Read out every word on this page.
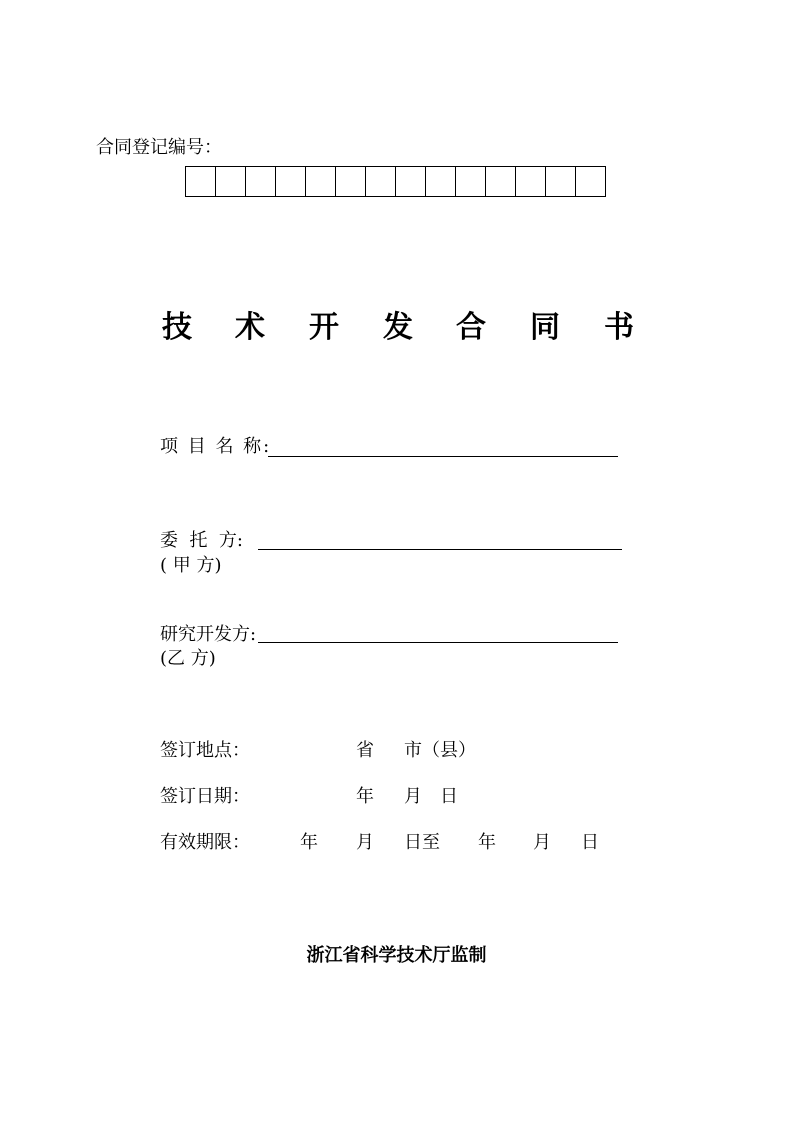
合同登记编号：
技 术 开 发 合 同 书
项 目 名 称:
委  托  方:
( 甲 方)
研究开发方:
(乙 方)
签订地点：	省 市（县）
签订日期：	年 月 日
有效期限：	年 月 日至 年 月 日
浙江省科学技术厅监制
